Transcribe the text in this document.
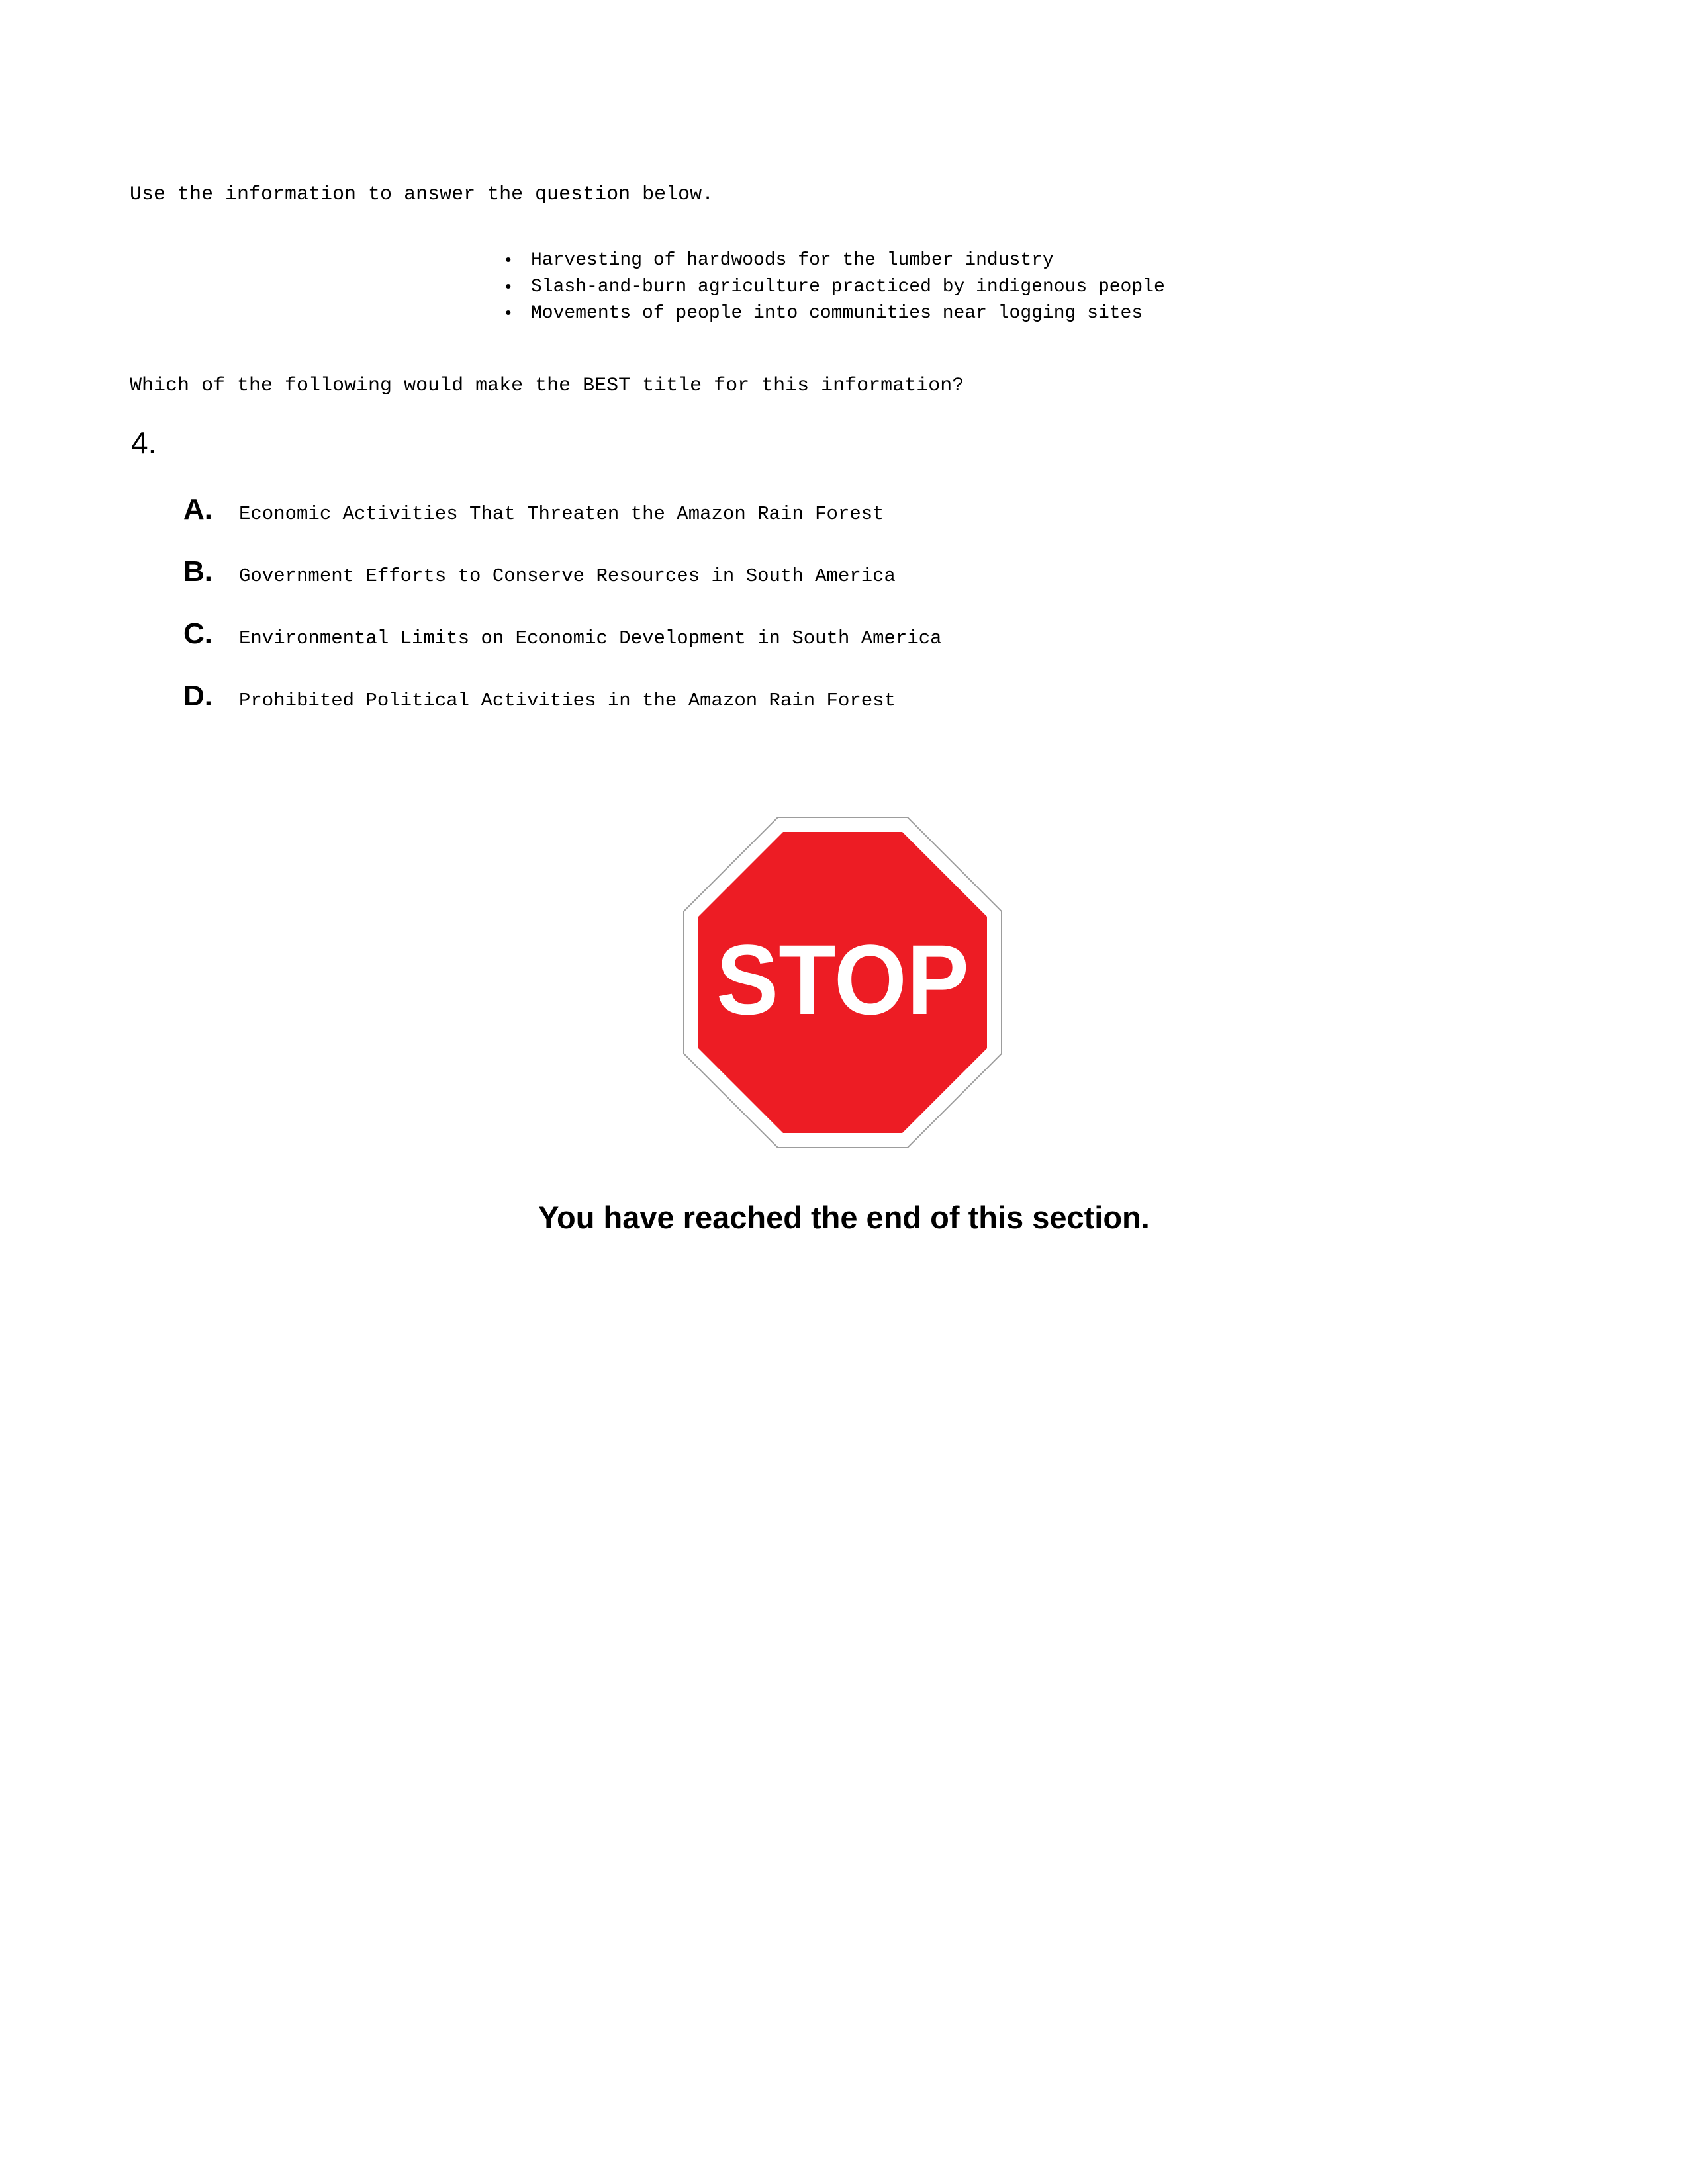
Use the information to answer the question below.
• Harvesting of hardwoods for the lumber industry
• Slash-and-burn agriculture practiced by indigenous people
• Movements of people into communities near logging sites
Which of the following would make the BEST title for this information?
4.
A.	Economic Activities That Threaten the Amazon Rain Forest
B.	Government Efforts to Conserve Resources in South America
C.	Environmental Limits on Economic Development in South America
D.	Prohibited Political Activities in the Amazon Rain Forest
STOP
You have reached the end of this section.
